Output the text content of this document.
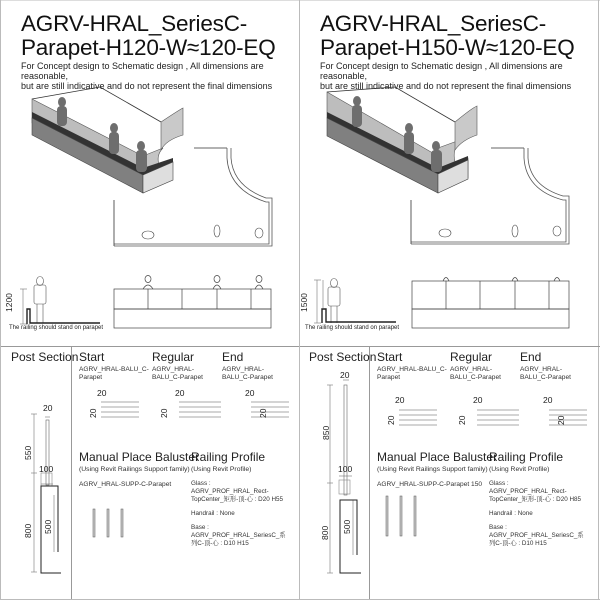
AGRV-HRAL_SeriesC-
Parapet-H120-W≈120-EQ
For Concept design to Schematic design , All dimensions are reasonable,
but are still indicative and do not represent the final dimensions
1200
The railing should stand on parapet
Post Section
20
550
100
800 500
Start
AGRV_HRAL-BALU_C-
Parapet
Regular
AGRV_HRAL-
BALU_C-Parapet
End
AGRV_HRAL-
BALU_C-Parapet
20
20
20
20
20
20
Manual Place Baluster
(Using Revit Railings Support family)
AGRV_HRAL-SUPP-C-Parapet
Railing Profile
(Using Revit Profile)

Glass :
AGRV_PROF_HRAL_Rect-
TopCenter_矩形-顶-心 : D20 H55

Handrail : None

Base :
AGRV_PROF_HRAL_SeriesC_系
列C-顶-心 : D10 H15

AGRV-HRAL_SeriesC-
Parapet-H150-W≈120-EQ
For Concept design to Schematic design , All dimensions are reasonable,
but are still indicative and do not represent the final dimensions
1500
The railing should stand on parapet
Post Section
20
850
100
800 500
Start
AGRV_HRAL-BALU_C-
Parapet
Regular
AGRV_HRAL-
BALU_C-Parapet
End
AGRV_HRAL-
BALU_C-Parapet
20
20
20
20
20
20
Manual Place Baluster
(Using Revit Railings Support family)
AGRV_HRAL-SUPP-C-Parapet 150
Railing Profile
(Using Revit Profile)

Glass :
AGRV_PROF_HRAL_Rect-
TopCenter_矩形-顶-心 : D20 H85

Handrail : None

Base :
AGRV_PROF_HRAL_SeriesC_系
列C-顶-心 : D10 H15
